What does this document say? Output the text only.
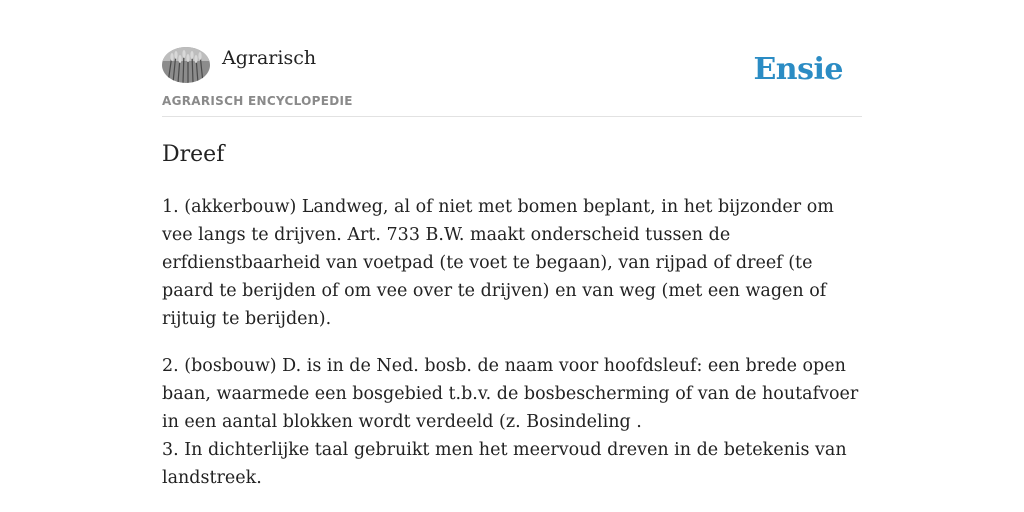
Agrarisch
AGRARISCH ENCYCLOPEDIE
Ensie
Dreef

1. (akkerbouw) Landweg, al of niet met bomen beplant, in het bijzonder om vee langs te drijven. Art. 733 B.W. maakt onderscheid tussen de erfdienstbaarheid van voetpad (te voet te begaan), van rijpad of dreef (te paard te berijden of om vee over te drijven) en van weg (met een wagen of rijtuig te berijden).

2. (bosbouw) D. is in de Ned. bosb. de naam voor hoofdsleuf: een brede open baan, waarmede een bosgebied t.b.v. de bosbescherming of van de houtafvoer in een aantal blokken wordt verdeeld (z. Bosindeling .

3. In dichterlijke taal gebruikt men het meervoud dreven in de betekenis van landstreek.
